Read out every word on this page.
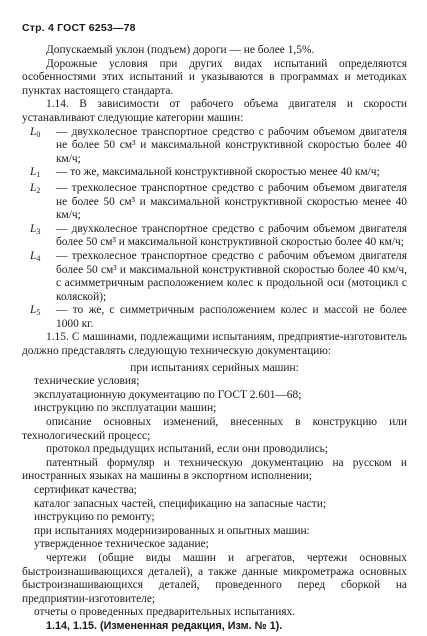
Стр. 4 ГОСТ 6253—78

Допускаемый уклон (подъем) дороги — не более 1,5%.

Дорожные условия при других видах испытаний определяются особенностями этих испытаний и указываются в программах и методиках пунктах настоящего стандарта.

1.14. В зависимости от рабочего объема двигателя и скорости устанавливают следующие категории машин:

$L_0$	— двухколесное транспортное средство с рабочим объемом двигателя не более 50 см³ и максимальной конструктивной скоростью более 40 км/ч;
$L_1$	— то же, максимальной конструктивной скоростью менее 40 км/ч;
$L_2$	— трехколесное транспортное средство с рабочим объемом двигателя не более 50 см³ и максимальной конструктивной скоростью менее 40 км/ч;
$L_3$	— двухколесное транспортное средство с рабочим объемом двигателя более 50 см³ и максимальной конструктивной скоростью более 40 км/ч;
$L_4$	— трехколесное транспортное средство с рабочим объемом двигателя более 50 см³ и максимальной конструктивной скоростью более 40 км/ч, с асимметричным расположением колес к продольной оси (мотоцикл с коляской);
$L_5$	— то же, с симметричным расположением колес и массой не более 1000 кг.

1.15. С машинами, подлежащими испытаниям, предприятие-изготовитель должно представлять следующую техническую документацию:

при испытаниях серийных машин:

технические условия;

эксплуатационную документацию по ГОСТ 2.601—68;

инструкцию по эксплуатации машин;

описание основных изменений, внесенных в конструкцию или технологический процесс;

протокол предыдущих испытаний, если они проводились;

патентный формуляр и техническую документацию на русском и иностранных языках на машины в экспортном исполнении;

сертификат качества;

каталог запасных частей, спецификацию на запасные части;

инструкцию по ремонту;

при испытаниях модернизированных и опытных машин:

утвержденное техническое задание;

чертежи (общие виды машин и агрегатов, чертежи основных быстроизнашивающихся деталей), а также данные микрометража основных быстроизнашивающихся деталей, проведенного перед сборкой на предприятии-изготовителе;

отчеты о проведенных предварительных испытаниях.

1.14, 1.15. (Измененная редакция, Изм. № 1).
